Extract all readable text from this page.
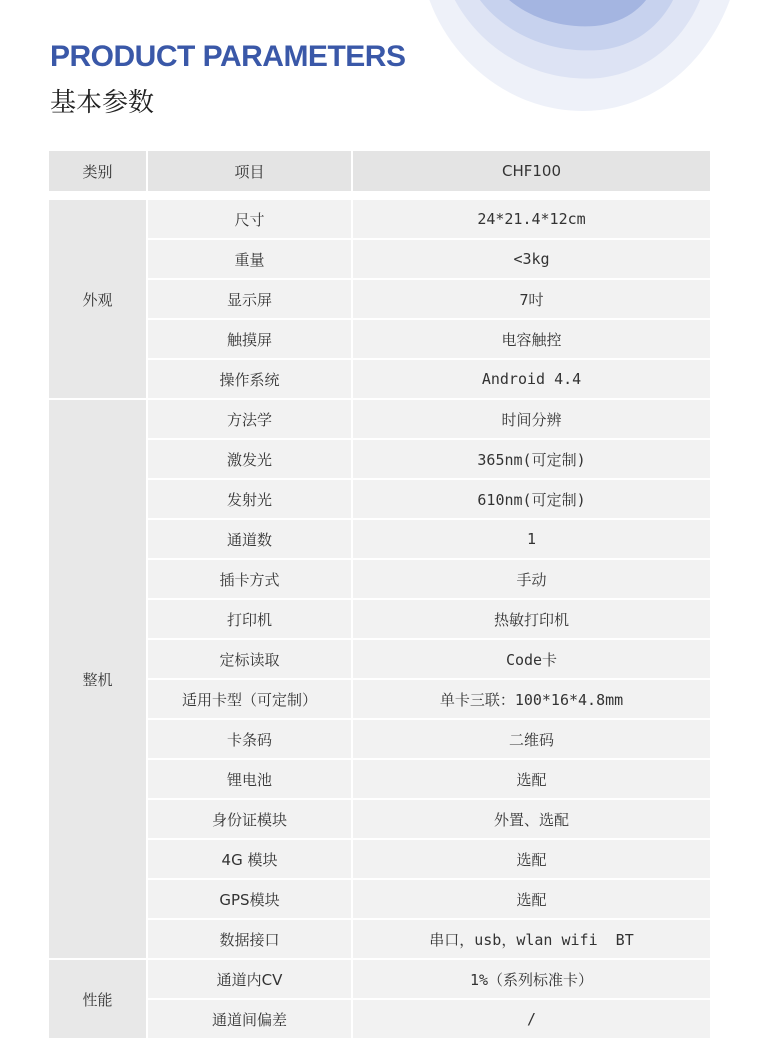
PRODUCT PARAMETERS
基本参数
类别	项目	CHF100

外观	尺寸	24*21.4*12cm
	重量	<3kg
	显示屏	7吋
	触摸屏	电容触控
	操作系统	Android 4.4
整机	方法学	时间分辨
	激发光	365nm(可定制)
	发射光	610nm(可定制)
	通道数	1
	插卡方式	手动
	打印机	热敏打印机
	定标读取	Code卡
	适用卡型（可定制）	单卡三联：100*16*4.8mm
	卡条码	二维码
	锂电池	选配
	身份证模块	外置、选配
	4G 模块	选配
	GPS模块	选配
	数据接口	串口，usb，wlan wifi  BT
性能	通道内CV	1%（系列标准卡）
	通道间偏差	/
